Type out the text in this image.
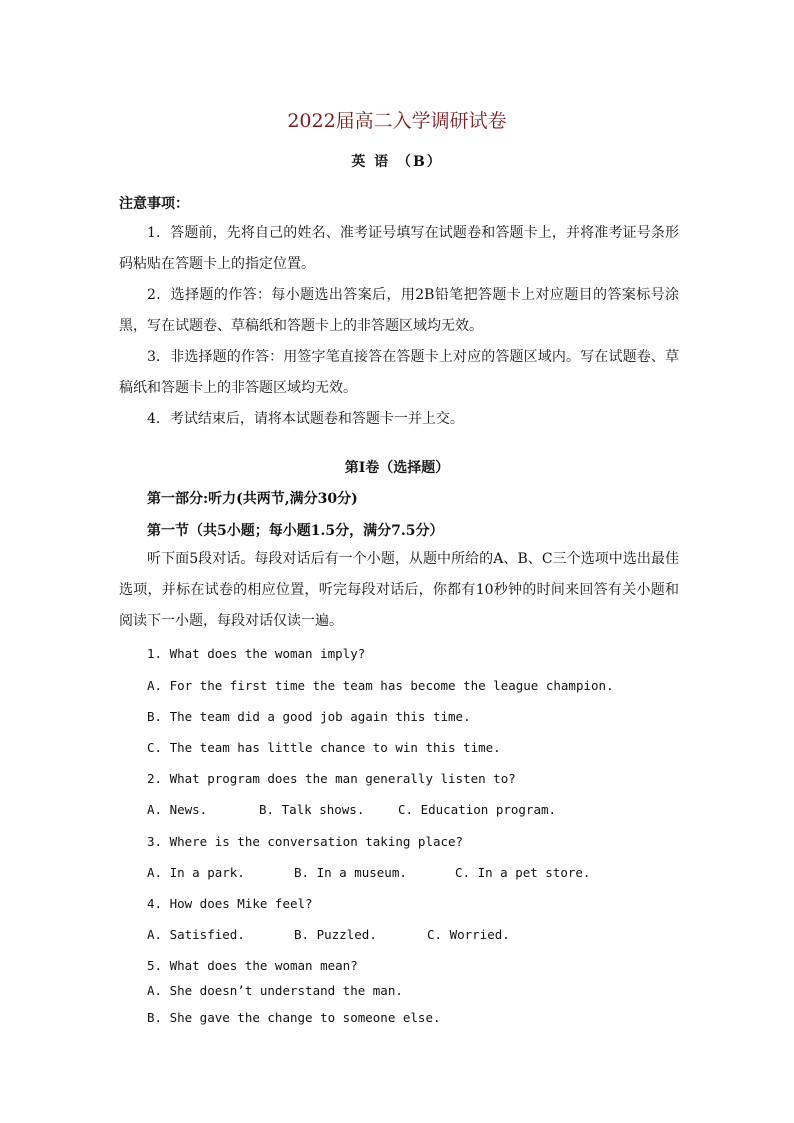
2022届高二入学调研试卷
英 语 （B）
注意事项：
1．答题前，先将自己的姓名、准考证号填写在试题卷和答题卡上，并将准考证号条形码粘贴在答题卡上的指定位置。
2．选择题的作答：每小题选出答案后，用2B铅笔把答题卡上对应题目的答案标号涂黑，写在试题卷、草稿纸和答题卡上的非答题区域均无效。
3．非选择题的作答：用签字笔直接答在答题卡上对应的答题区域内。写在试题卷、草稿纸和答题卡上的非答题区域均无效。
4．考试结束后，请将本试题卷和答题卡一并上交。
第Ⅰ卷（选择题）
第一部分:听力(共两节,满分30分)
第一节（共5小题；每小题1.5分，满分7.5分）
听下面5段对话。每段对话后有一个小题，从题中所给的A、B、C三个选项中选出最佳选项，并标在试卷的相应位置，听完每段对话后，你都有10秒钟的时间来回答有关小题和阅读下一小题，每段对话仅读一遍。
1. What does the woman imply?
A. For the first time the team has become the league champion.
B. The team did a good job again this time.
C. The team has little chance to win this time.
2. What program does the man generally listen to?
A. News.	B. Talk shows.	C. Education program.
3. Where is the conversation taking place?
A. In a park.	B. In a museum.	C. In a pet store.
4. How does Mike feel?
A. Satisfied.	B. Puzzled.	C. Worried.
5. What does the woman mean?
A. She doesn’t understand the man.
B. She gave the change to someone else.
